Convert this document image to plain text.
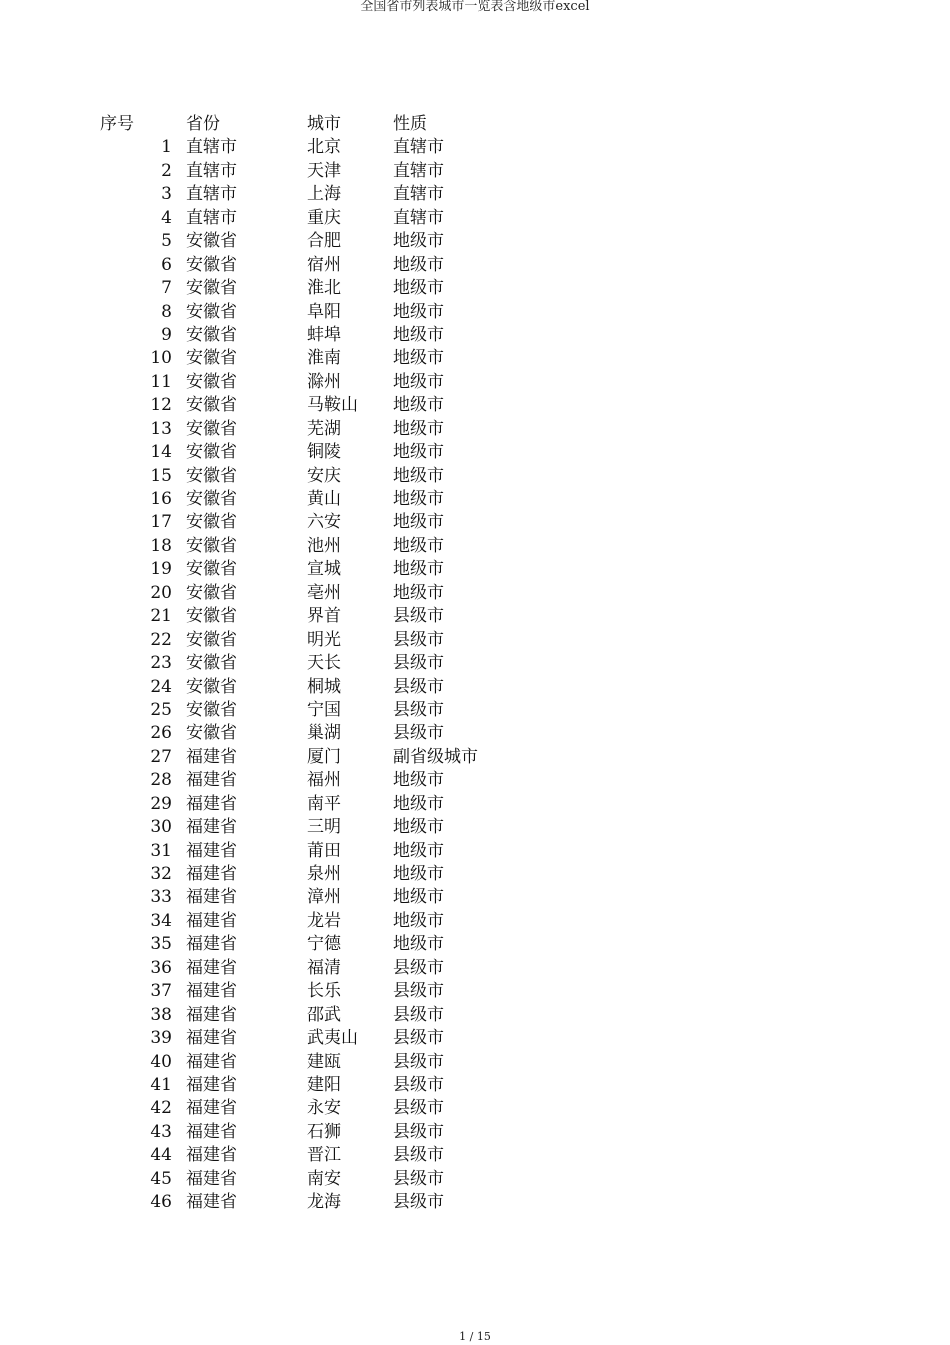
全国省市列表城市一览表含地级市excel
序号	省份	城市	性质
1 直辖市	北京	直辖市
2 直辖市	天津	直辖市
3 直辖市	上海	直辖市
4 直辖市	重庆	直辖市
5 安徽省	合肥	地级市
6 安徽省	宿州	地级市
7 安徽省	淮北	地级市
8 安徽省	阜阳	地级市
9 安徽省	蚌埠	地级市
10 安徽省	淮南	地级市
11 安徽省	滁州	地级市
12 安徽省	马鞍山 地级市
13 安徽省	芜湖	地级市
14 安徽省	铜陵	地级市
15 安徽省	安庆	地级市
16 安徽省	黄山	地级市
17 安徽省	六安	地级市
18 安徽省	池州	地级市
19 安徽省	宣城	地级市
20 安徽省	亳州	地级市
21 安徽省	界首	县级市
22 安徽省	明光	县级市
23 安徽省	天长	县级市
24 安徽省	桐城	县级市
25 安徽省	宁国	县级市
26 安徽省	巢湖	县级市
27 福建省	厦门	副省级城市
28 福建省	福州	地级市
29 福建省	南平	地级市
30 福建省	三明	地级市
31 福建省	莆田	地级市
32 福建省	泉州	地级市
33 福建省	漳州	地级市
34 福建省	龙岩	地级市
35 福建省	宁德	地级市
36 福建省	福清	县级市
37 福建省	长乐	县级市
38 福建省	邵武	县级市
39 福建省	武夷山 县级市
40 福建省	建瓯	县级市
41 福建省	建阳	县级市
42 福建省	永安	县级市
43 福建省	石狮	县级市
44 福建省	晋江	县级市
45 福建省	南安	县级市
46 福建省	龙海	县级市
1 / 15
